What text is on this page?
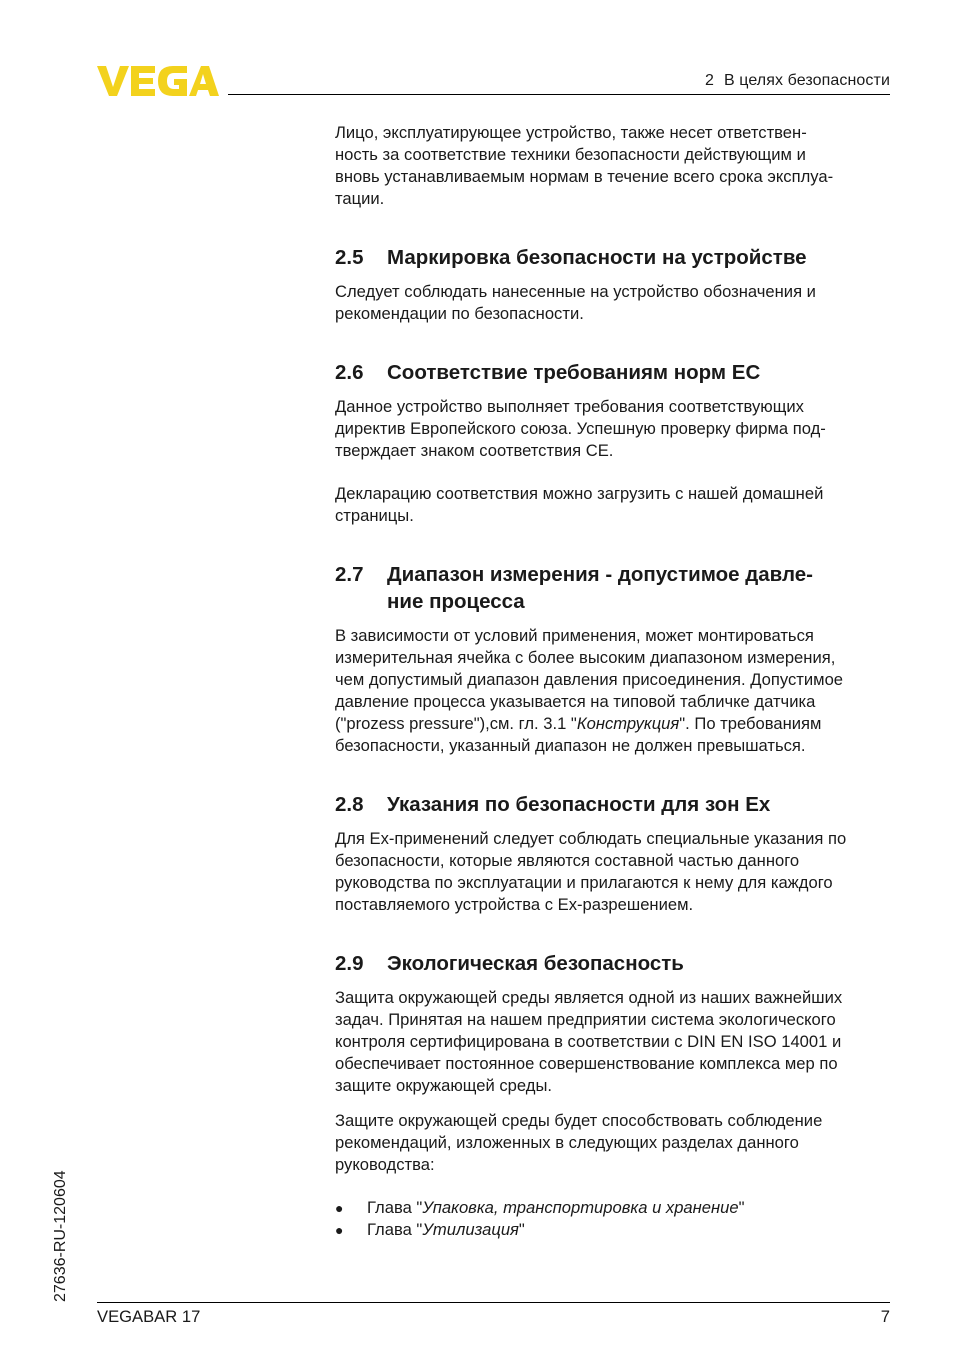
2 В целях безопасности

Лицо, эксплуатирующее устройство, также несет ответствен-
ность за соответствие техники безопасности действующим и
вновь устанавливаемым нормам в течение всего срока эксплуа-
тации.

2.5	Маркировка безопасности на устройстве

Следует соблюдать нанесенные на устройство обозначения и
рекомендации по безопасности.

2.6	Соответствие требованиям норм ЕС

Данное устройство выполняет требования соответствующих
директив Европейского союза. Успешную проверку фирма под-
тверждает знаком соответствия CE.

Декларацию соответствия можно загрузить с нашей домашней
страницы.

2.7	Диапазон измерения - допустимое давле-
ние процесса

В зависимости от условий применения, может монтироваться
измерительная ячейка с более высоким диапазоном измерения,
чем допустимый диапазон давления присоединения. Допустимое
давление процесса указывается на типовой табличке датчика
("prozess pressure"),см. гл. 3.1 "Конструкция". По требованиям
безопасности, указанный диапазон не должен превышаться.

2.8	Указания по безопасности для зон Ex

Для Ex-применений следует соблюдать специальные указания по
безопасности, которые являются составной частью данного
руководства по эксплуатации и прилагаются к нему для каждого
поставляемого устройства с Ex-разрешением.

2.9	Экологическая безопасность

Защита окружающей среды является одной из наших важнейших
задач. Принятая на нашем предприятии система экологического
контроля сертифицирована в соответствии с DIN EN ISO 14001 и
обеспечивает постоянное совершенствование комплекса мер по
защите окружающей среды.

Защите окружающей среды будет способствовать соблюдение
рекомендаций, изложенных в следующих разделах данного
руководства:

●	Глава "Упаковка, транспортировка и хранение"
●	Глава "Утилизация"
27636-RU-120604
VEGABAR 17	7
